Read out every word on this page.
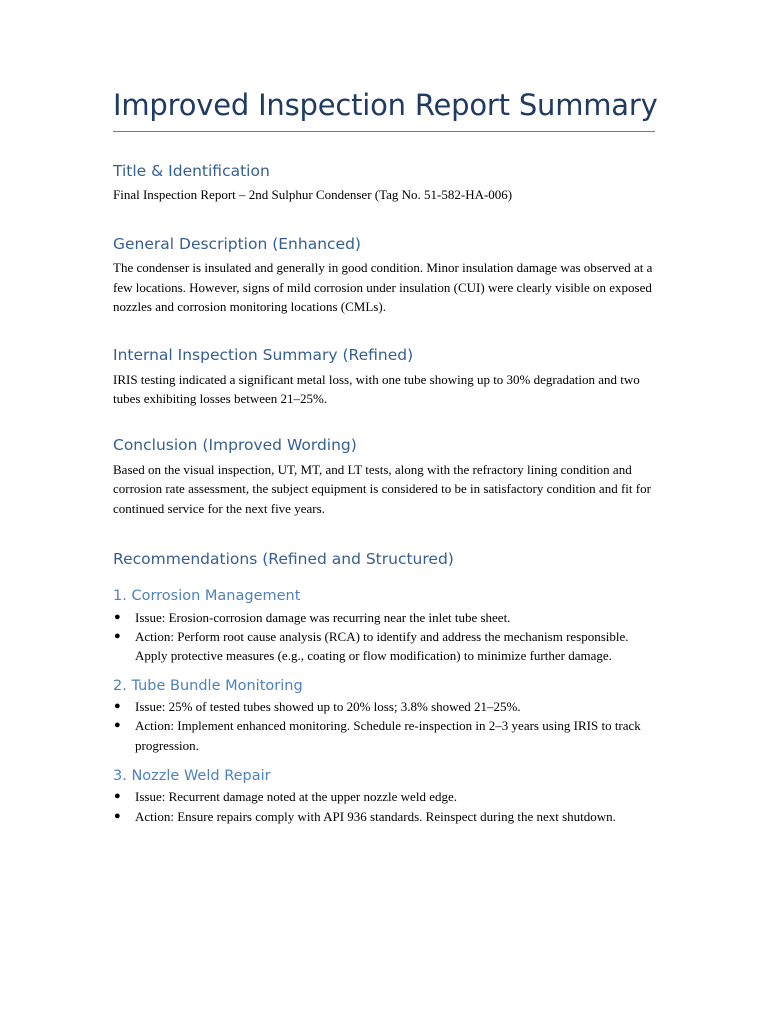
Improved Inspection Report Summary
Title & Identification

Final Inspection Report – 2nd Sulphur Condenser (Tag No. 51-582-HA-006)

General Description (Enhanced)

The condenser is insulated and generally in good condition. Minor insulation damage was observed at a few locations. However, signs of mild corrosion under insulation (CUI) were clearly visible on exposed nozzles and corrosion monitoring locations (CMLs).

Internal Inspection Summary (Refined)

IRIS testing indicated a significant metal loss, with one tube showing up to 30% degradation and two tubes exhibiting losses between 21–25%.

Conclusion (Improved Wording)

Based on the visual inspection, UT, MT, and LT tests, along with the refractory lining condition and corrosion rate assessment, the subject equipment is considered to be in satisfactory condition and fit for continued service for the next five years.

Recommendations (Refined and Structured)
1. Corrosion Management
● Issue: Erosion-corrosion damage was recurring near the inlet tube sheet.
● Action: Perform root cause analysis (RCA) to identify and address the mechanism responsible. Apply protective measures (e.g., coating or flow modification) to minimize further damage.
2. Tube Bundle Monitoring
● Issue: 25% of tested tubes showed up to 20% loss; 3.8% showed 21–25%.
● Action: Implement enhanced monitoring. Schedule re-inspection in 2–3 years using IRIS to track progression.
3. Nozzle Weld Repair
● Issue: Recurrent damage noted at the upper nozzle weld edge.
● Action: Ensure repairs comply with API 936 standards. Reinspect during the next shutdown.
